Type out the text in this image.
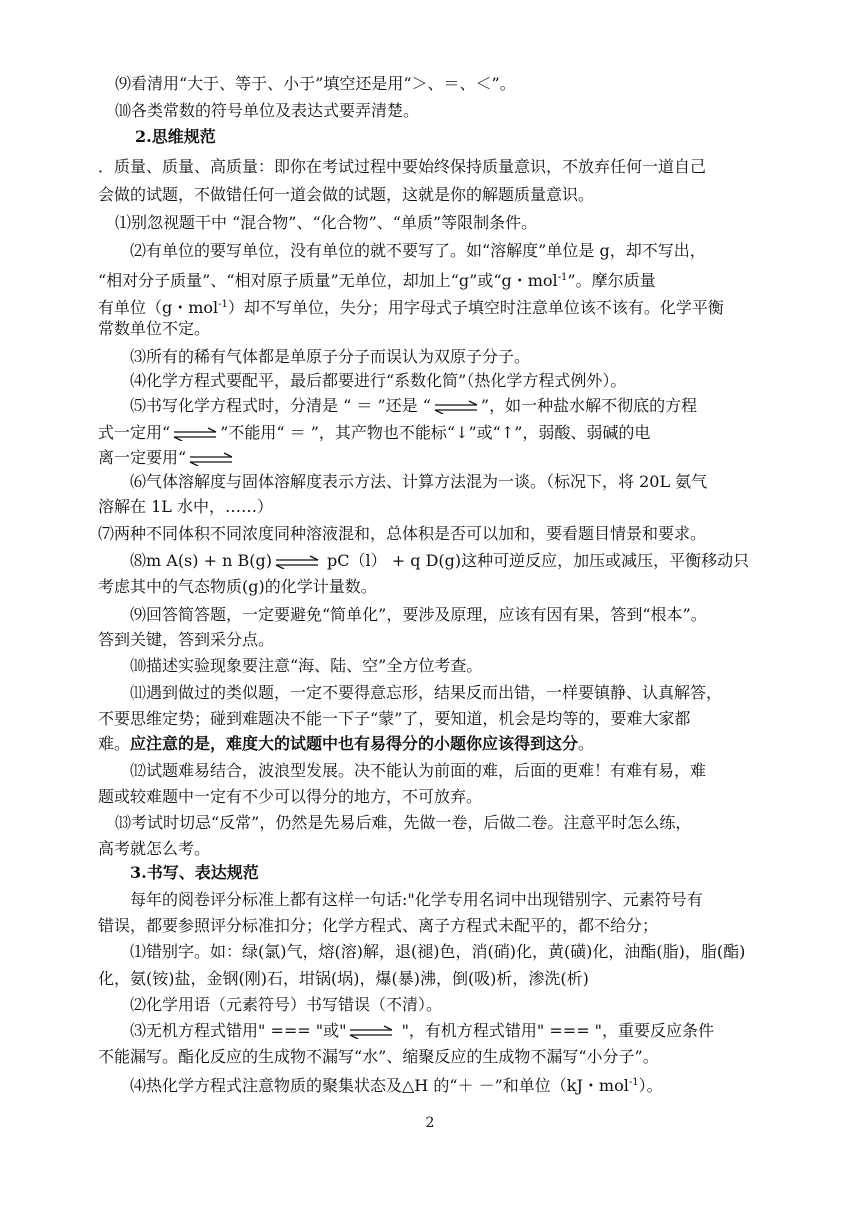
⑼看清用“大于、等于、小于”填空还是用“＞、＝、＜”。
⑽各类常数的符号单位及表达式要弄清楚。
2.思维规范
．质量、质量、高质量：即你在考试过程中要始终保持质量意识，不放弃任何一道自己
会做的试题，不做错任何一道会做的试题，这就是你的解题质量意识。
⑴别忽视题干中 “混合物”、“化合物”、“单质”等限制条件。
⑵有单位的要写单位，没有单位的就不要写了。如“溶解度”单位是 g，却不写出，
“相对分子质量”、“相对原子质量”无单位，却加上“g”或“g・mol$^{-1}$”。摩尔质量
有单位（g・mol$^{-1}$）却不写单位，失分；用字母式子填空时注意单位该不该有。化学平衡
常数单位不定。
⑶所有的稀有气体都是单原子分子而误认为双原子分子。
⑷化学方程式要配平，最后都要进行“系数化简”（热化学方程式例外）。
⑸书写化学方程式时，分清是 “ ＝ ”还是 “ ⇌ ”，如一种盐水解不彻底的方程
式一定用“ ⇌ ”不能用“ ＝ ”，其产物也不能标“↓”或“↑”，弱酸、弱碱的电
离一定要用“ ⇌
⑹气体溶解度与固体溶解度表示方法、计算方法混为一谈。（标况下，将 20L 氨气
溶解在 1L 水中，……）
⑺两种不同体积不同浓度同种溶液混和，总体积是否可以加和，要看题目情景和要求。
⑻m A(s) + n B(g) ⇌ pC（l） + q D(g)这种可逆反应，加压或减压，平衡移动只
考虑其中的气态物质(g)的化学计量数。
⑼回答简答题，一定要避免“简单化”，要涉及原理，应该有因有果，答到“根本”。
答到关键，答到采分点。
⑽描述实验现象要注意“海、陆、空”全方位考查。
⑾遇到做过的类似题，一定不要得意忘形，结果反而出错，一样要镇静、认真解答，
不要思维定势；碰到难题决不能一下子“蒙”了，要知道，机会是均等的，要难大家都
难。应注意的是，难度大的试题中也有易得分的小题你应该得到这分。
⑿试题难易结合，波浪型发展。决不能认为前面的难，后面的更难！有难有易，难
题或较难题中一定有不少可以得分的地方，不可放弃。
⒀考试时切忌“反常”，仍然是先易后难，先做一卷，后做二卷。注意平时怎么练，
高考就怎么考。
3.书写、表达规范
每年的阅卷评分标准上都有这样一句话:"化学专用名词中出现错别字、元素符号有
错误，都要参照评分标准扣分；化学方程式、离子方程式未配平的，都不给分；
⑴错别字。如：绿(氯)气，熔(溶)解，退(褪)色，消(硝)化，黄(磺)化，油酯(脂)，脂(酯)
化，氨(铵)盐，金钢(刚)石，坩锅(埚)，爆(暴)沸，倒(吸)析，渗洗(析)
⑵化学用语（元素符号）书写错误（不清）。
⑶无机方程式错用" === "或" ⇌ "，有机方程式错用" === "，重要反应条件
不能漏写。酯化反应的生成物不漏写“水”、缩聚反应的生成物不漏写“小分子”。
⑷热化学方程式注意物质的聚集状态及△H 的“＋ －”和单位（kJ・mol$^{-1}$）。
2
